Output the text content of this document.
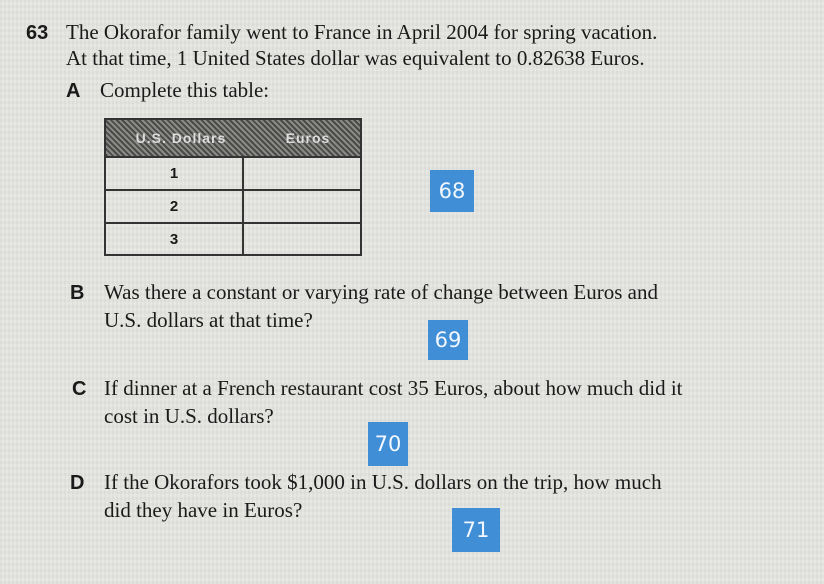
63 The Okorafor family went to France in April 2004 for spring vacation.
At that time, 1 United States dollar was equivalent to 0.82638 Euros.
A Complete this table:
U.S. Dollars	Euros
1
2
3
68
B Was there a constant or varying rate of change between Euros and
U.S. dollars at that time?
69
C If dinner at a French restaurant cost 35 Euros, about how much did it
cost in U.S. dollars?
70
D If the Okorafors took $1,000 in U.S. dollars on the trip, how much
did they have in Euros?
71
